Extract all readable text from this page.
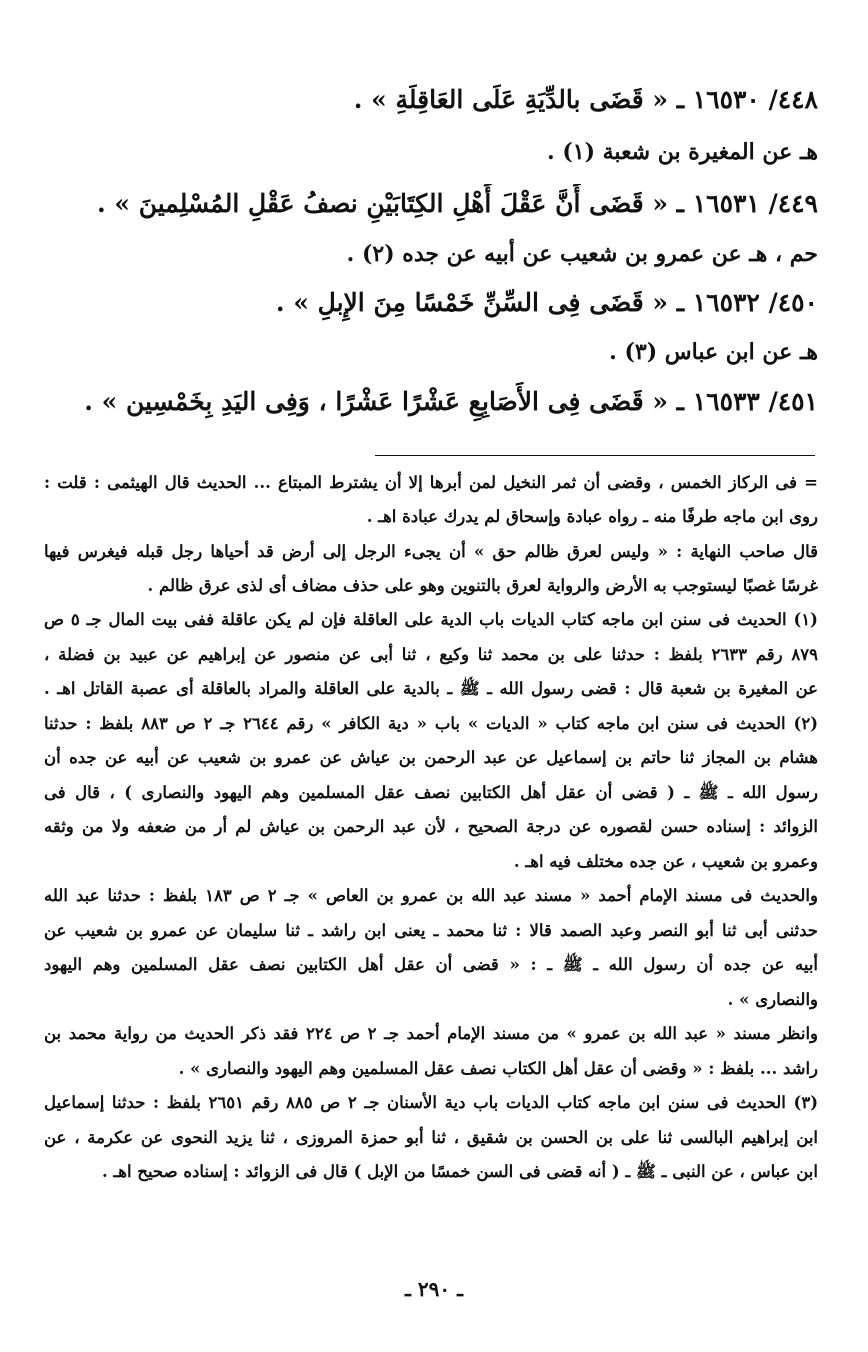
٤٤٨/ ١٦٥٣٠ ـ « قَضَى بالدِّيَةِ عَلَى العَاقِلَةِ » .
هـ عن المغيرة بن شعبة (١) .
٤٤٩/ ١٦٥٣١ ـ « قَضَى أَنَّ عَقْلَ أَهْلِ الكِتَابَيْنِ نصفُ عَقْلِ المُسْلِمينَ » .
حم ، هـ عن عمرو بن شعيب عن أبيه عن جده (٢) .
٤٥٠/ ١٦٥٣٢ ـ « قَضَى فِى السِّنِّ خَمْسًا مِنَ الإِبلِ » .
هـ عن ابن عباس (٣) .
٤٥١/ ١٦٥٣٣ ـ « قَضَى فِى الأَصَابِعِ عَشْرًا عَشْرًا ، وَفِى اليَدِ بِخَمْسِين » .
= فى الركاز الخمس ، وقضى أن ثمر النخيل لمن أبرها إلا أن يشترط المبتاع ... الحديث قال الهيثمى : قلت :
روى ابن ماجه طرفًا منه ـ رواه عبادة وإسحاق لم يدرك عبادة اهـ .
قال صاحب النهاية : « وليس لعرق ظالم حق » أن يجىء الرجل إلى أرض قد أحياها رجل قبله فيغرس فيها
غرسًا غصبًا ليستوجب به الأرض والرواية لعرق بالتنوين وهو على حذف مضاف أى لذى عرق ظالم .
(١) الحديث فى سنن ابن ماجه كتاب الديات باب الدية على العاقلة فإن لم يكن عاقلة ففى بيت المال جـ ٥ ص
٨٧٩ رقم ٢٦٣٣ بلفظ : حدثنا على بن محمد ثنا وكيع ، ثنا أبى عن منصور عن إبراهيم عن عبيد بن فضلة ،
عن المغيرة بن شعبة قال : قضى رسول الله ـ ﷺ ـ بالدية على العاقلة والمراد بالعاقلة أى عصبة القاتل اهـ .
(٢) الحديث فى سنن ابن ماجه كتاب « الديات » باب « دية الكافر » رقم ٢٦٤٤ جـ ٢ ص ٨٨٣ بلفظ : حدثنا
هشام بن المجاز ثنا حاتم بن إسماعيل عن عبد الرحمن بن عياش عن عمرو بن شعيب عن أبيه عن جده أن
رسول الله ـ ﷺ ـ ( قضى أن عقل أهل الكتابين نصف عقل المسلمين وهم اليهود والنصارى ) ، قال فى
الزوائد : إسناده حسن لقصوره عن درجة الصحيح ، لأن عبد الرحمن بن عياش لم أر من ضعفه ولا من وثقه
وعمرو بن شعيب ، عن جده مختلف فيه اهـ .
والحديث فى مسند الإمام أحمد « مسند عبد الله بن عمرو بن العاص » جـ ٢ ص ١٨٣ بلفظ : حدثنا عبد الله
حدثنى أبى ثنا أبو النصر وعبد الصمد قالا : ثنا محمد ـ يعنى ابن راشد ـ ثنا سليمان عن عمرو بن شعيب عن
أبيه عن جده أن رسول الله ـ ﷺ ـ : « قضى أن عقل أهل الكتابين نصف عقل المسلمين وهم اليهود
والنصارى » .
وانظر مسند « عبد الله بن عمرو » من مسند الإمام أحمد جـ ٢ ص ٢٢٤ فقد ذكر الحديث من رواية محمد بن
راشد ... بلفظ : « وقضى أن عقل أهل الكتاب نصف عقل المسلمين وهم اليهود والنصارى » .
(٣) الحديث فى سنن ابن ماجه كتاب الديات باب دية الأسنان جـ ٢ ص ٨٨٥ رقم ٢٦٥١ بلفظ : حدثنا إسماعيل
ابن إبراهيم البالسى ثنا على بن الحسن بن شقيق ، ثنا أبو حمزة المروزى ، ثنا يزيد النحوى عن عكرمة ، عن
ابن عباس ، عن النبى ـ ﷺ ـ ( أنه قضى فى السن خمسًا من الإبل ) قال فى الزوائد : إسناده صحيح اهـ .
ـ ٢٩٠ ـ
